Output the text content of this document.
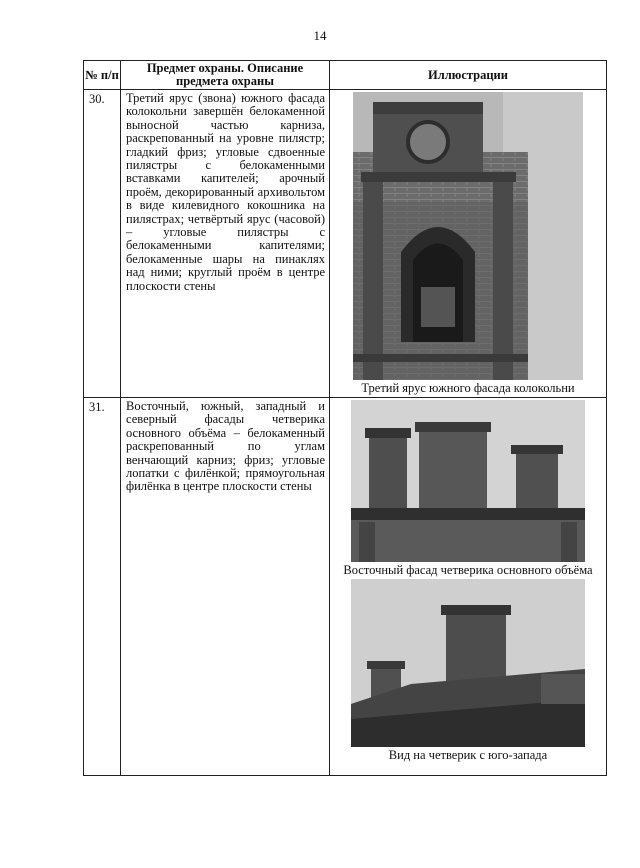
14
№ п/п	Предмет охраны. Описание предмета охраны	Иллюстрации
30.	Третий ярус (звона) южного фасада колокольни завершён белокаменной выносной частью карниза, раскрепованный на уровне пилястр; гладкий фриз; угловые сдвоенные пилястры с белокаменными вставками капителей; арочный проём, декорированный архивольтом в виде килевидного кокошника на пилястрах; четвёртый ярус (часовой) – угловые пилястры с белокаменными капителями; белокаменные шары на пинаклях над ними; круглый проём в центре плоскости стены	Третий ярус южного фасада колокольни

31.	Восточный, южный, западный и северный фасады четверика основного объёма – белокаменный раскрепованный по углам венчающий карниз; фриз; угловые лопатки с филёнкой; прямоугольная филёнка в центре плоскости стены	Восточный фасад четверика основного объёма
Вид на четверик с юго-запада
